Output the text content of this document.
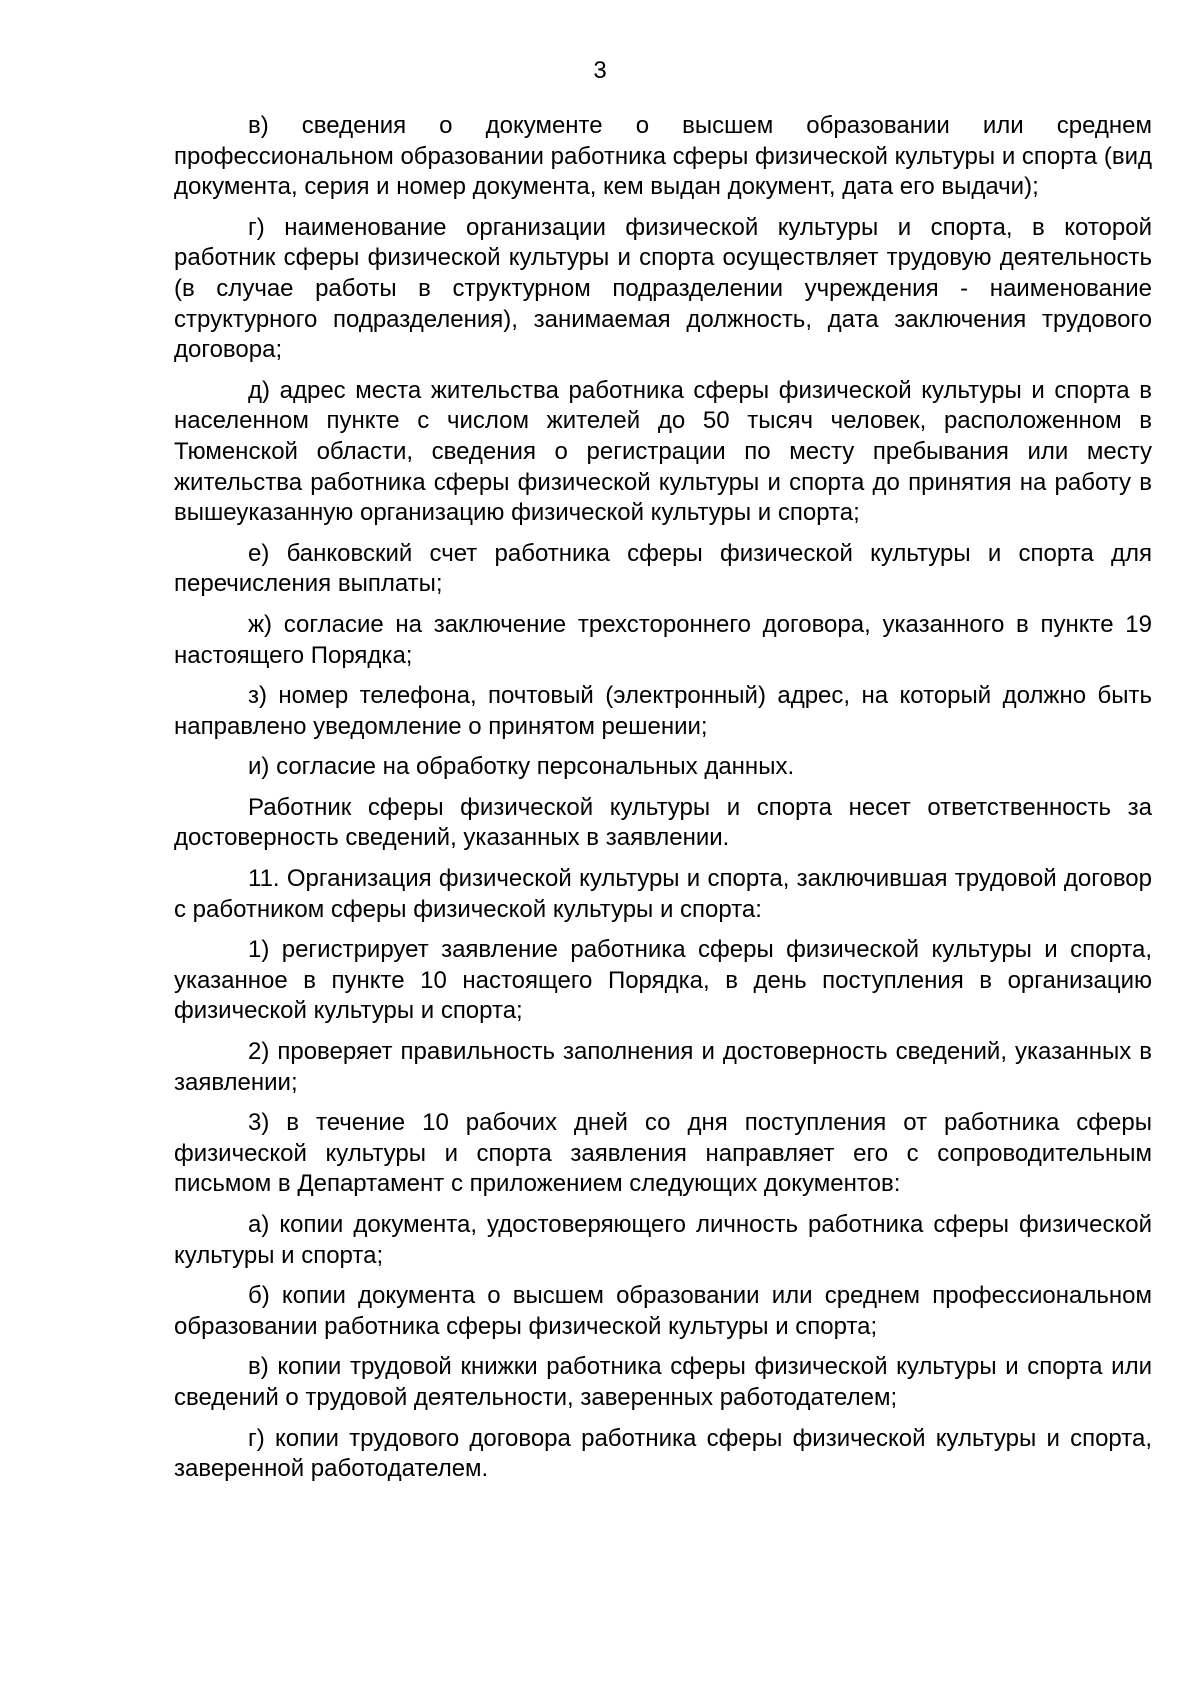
3

в) сведения о документе о высшем образовании или среднем профессиональном образовании работника сферы физической культуры и спорта (вид документа, серия и номер документа, кем выдан документ, дата его выдачи);

г) наименование организации физической культуры и спорта, в которой работник сферы физической культуры и спорта осуществляет трудовую деятельность (в случае работы в структурном подразделении учреждения - наименование структурного подразделения), занимаемая должность, дата заключения трудового договора;

д) адрес места жительства работника сферы физической культуры и спорта в населенном пункте с числом жителей до 50 тысяч человек, расположенном в Тюменской области, сведения о регистрации по месту пребывания или месту жительства работника сферы физической культуры и спорта до принятия на работу в вышеуказанную организацию физической культуры и спорта;

е) банковский счет работника сферы физической культуры и спорта для перечисления выплаты;

ж) согласие на заключение трехстороннего договора, указанного в пункте 19 настоящего Порядка;

з) номер телефона, почтовый (электронный) адрес, на который должно быть направлено уведомление о принятом решении;

и) согласие на обработку персональных данных.

Работник сферы физической культуры и спорта несет ответственность за достоверность сведений, указанных в заявлении.

11. Организация физической культуры и спорта, заключившая трудовой договор с работником сферы физической культуры и спорта:

1) регистрирует заявление работника сферы физической культуры и спорта, указанное в пункте 10 настоящего Порядка, в день поступления в организацию физической культуры и спорта;

2) проверяет правильность заполнения и достоверность сведений, указанных в заявлении;

3) в течение 10 рабочих дней со дня поступления от работника сферы физической культуры и спорта заявления направляет его с сопроводительным письмом в Департамент с приложением следующих документов:

а) копии документа, удостоверяющего личность работника сферы физической культуры и спорта;

б) копии документа о высшем образовании или среднем профессиональном образовании работника сферы физической культуры и спорта;

в) копии трудовой книжки работника сферы физической культуры и спорта или сведений о трудовой деятельности, заверенных работодателем;

г) копии трудового договора работника сферы физической культуры и спорта, заверенной работодателем.
